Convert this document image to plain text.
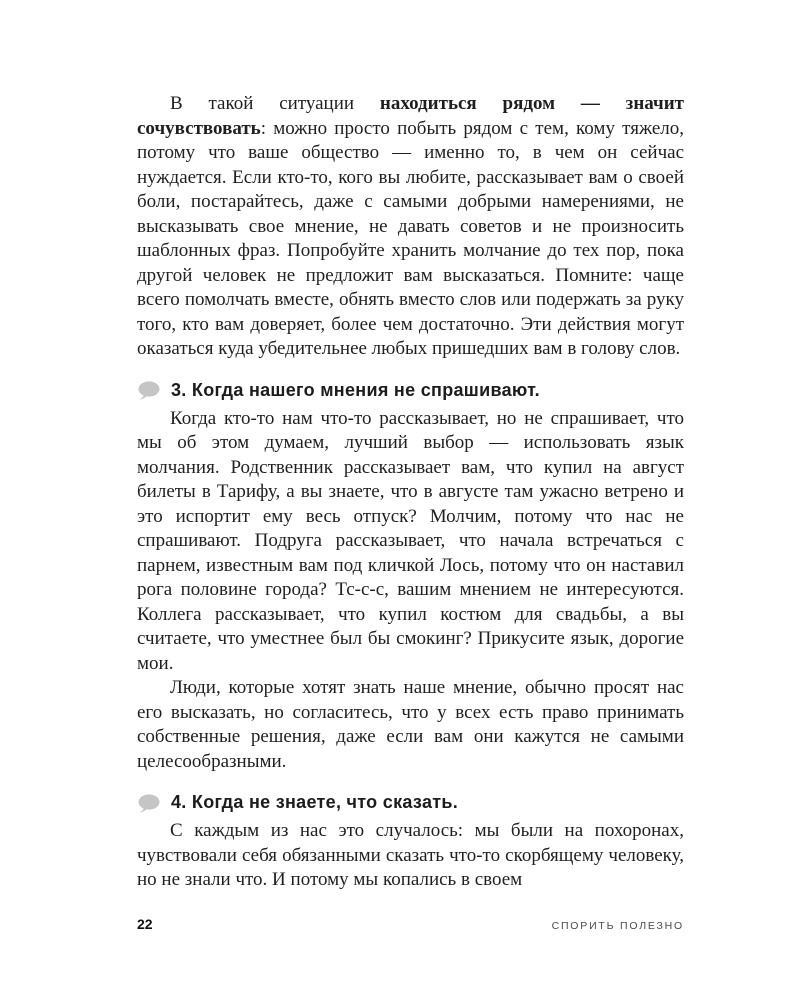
В такой ситуации находиться рядом — значит сочувствовать: можно просто побыть рядом с тем, кому тяжело, потому что ваше общество — именно то, в чем он сейчас нуждается. Если кто-то, кого вы любите, рассказывает вам о своей боли, постарайтесь, даже с самыми добрыми намерениями, не высказывать свое мнение, не давать советов и не произносить шаблонных фраз. Попробуйте хранить молчание до тех пор, пока другой человек не предложит вам высказаться. Помните: чаще всего помолчать вместе, обнять вместо слов или подержать за руку того, кто вам доверяет, более чем достаточно. Эти действия могут оказаться куда убедительнее любых пришедших вам в голову слов.

3. Когда нашего мнения не спрашивают.

Когда кто-то нам что-то рассказывает, но не спрашивает, что мы об этом думаем, лучший выбор — использовать язык молчания. Родственник рассказывает вам, что купил на август билеты в Тарифу, а вы знаете, что в августе там ужасно ветрено и это испортит ему весь отпуск? Молчим, потому что нас не спрашивают. Подруга рассказывает, что начала встречаться с парнем, известным вам под кличкой Лось, потому что он наставил рога половине города? Тс-с-с, вашим мнением не интересуются. Коллега рассказывает, что купил костюм для свадьбы, а вы считаете, что уместнее был бы смокинг? Прикусите язык, дорогие мои.

Люди, которые хотят знать наше мнение, обычно просят нас его высказать, но согласитесь, что у всех есть право принимать собственные решения, даже если вам они кажутся не самыми целесообразными.

4. Когда не знаете, что сказать.

С каждым из нас это случалось: мы были на похоронах, чувствовали себя обязанными сказать что-то скорбящему человеку, но не знали что. И потому мы копались в своем

22	СПОРИТЬ ПОЛЕЗНО
